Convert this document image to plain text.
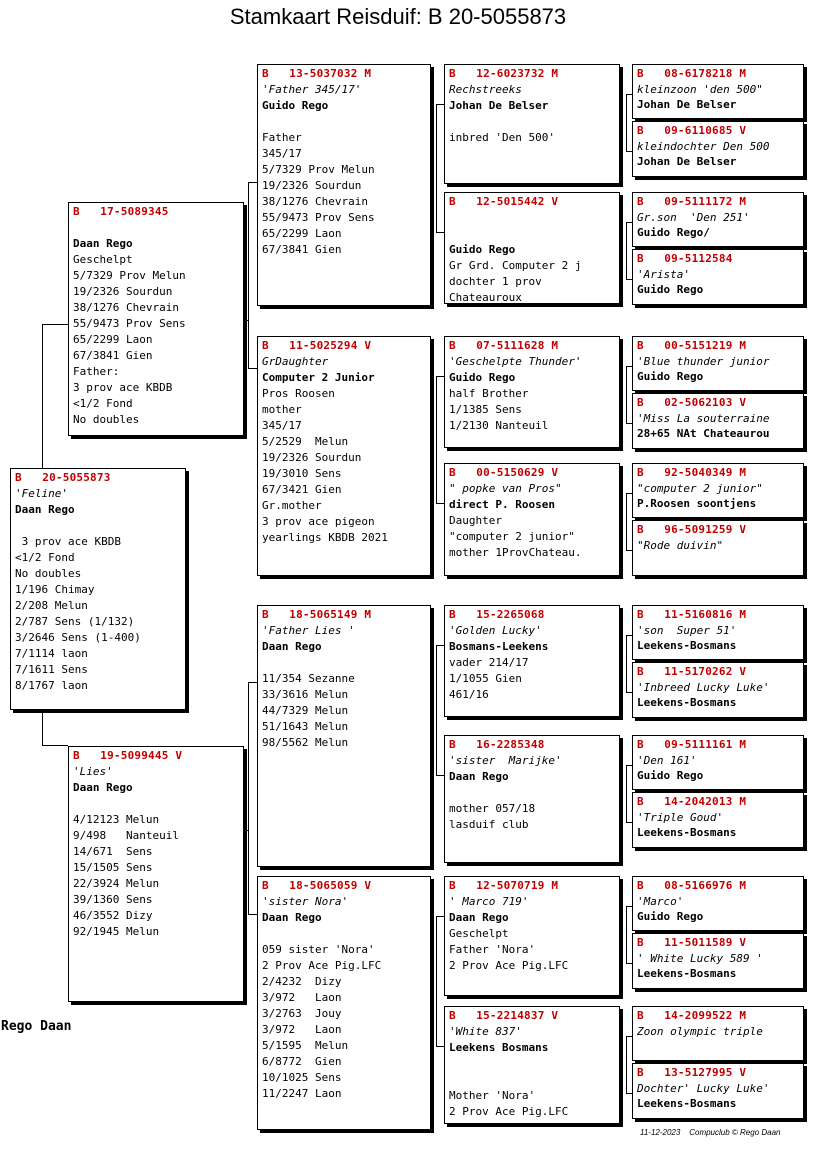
Stamkaart Reisduif: B 20-5055873
B   20-5055873
'Feline'
Daan Rego
3 prov ace KBDB
<1/2 Fond
No doubles
1/196 Chimay
2/208 Melun
2/787 Sens (1/132)
3/2646 Sens (1-400)
7/1114 laon
7/1611 Sens
8/1767 laon
B   17-5089345
Daan Rego
Geschelpt
5/7329 Prov Melun
19/2326 Sourdun
38/1276 Chevrain
55/9473 Prov Sens
65/2299 Laon
67/3841 Gien
Father:
3 prov ace KBDB
<1/2 Fond
No doubles
B   19-5099445 V
'Lies'
Daan Rego
4/12123 Melun
9/498   Nanteuil
14/671  Sens
15/1505 Sens
22/3924 Melun
39/1360 Sens
46/3552 Dizy
92/1945 Melun
B   13-5037032 M
'Father 345/17'
Guido Rego
Father
345/17
5/7329 Prov Melun
19/2326 Sourdun
38/1276 Chevrain
55/9473 Prov Sens
65/2299 Laon
67/3841 Gien
B   11-5025294 V
GrDaughter
Computer 2 Junior
Pros Roosen
mother
345/17
5/2529  Melun
19/2326 Sourdun
19/3010 Sens
67/3421 Gien
Gr.mother
3 prov ace pigeon
yearlings KBDB 2021
B   18-5065149 M
'Father Lies '
Daan Rego
11/354 Sezanne
33/3616 Melun
44/7329 Melun
51/1643 Melun
98/5562 Melun
B   18-5065059 V
'sister Nora'
Daan Rego
059 sister 'Nora'
2 Prov Ace Pig.LFC
2/4232  Dizy
3/972   Laon
3/2763  Jouy
3/972   Laon
5/1595  Melun
6/8772  Gien
10/1025 Sens
11/2247 Laon
B   12-6023732 M
Rechstreeks
Johan De Belser
inbred 'Den 500'
B   12-5015442 V
Guido Rego
Gr Grd. Computer 2 j
dochter 1 prov
Chateauroux
B   07-5111628 M
'Geschelpte Thunder'
Guido Rego
half Brother
1/1385 Sens
1/2130 Nanteuil
B   00-5150629 V
" popke van Pros"
direct P. Roosen
Daughter
"computer 2 junior"
mother 1ProvChateau.
B   15-2265068
'Golden Lucky'
Bosmans-Leekens
vader 214/17
1/1055 Gien
461/16
B   16-2285348
'sister  Marijke'
Daan Rego
mother 057/18
lasduif club
B   12-5070719 M
' Marco 719'
Daan Rego
Geschelpt
Father 'Nora'
2 Prov Ace Pig.LFC
B   15-2214837 V
'White 837'
Leekens Bosmans
Mother 'Nora'
2 Prov Ace Pig.LFC
B   08-6178218 M
kleinzoon 'den 500"
Johan De Belser
B   09-6110685 V
kleindochter Den 500
Johan De Belser
B   09-5111172 M
Gr.son  'Den 251'
Guido Rego/
B   09-5112584
'Arista'
Guido Rego
B   00-5151219 M
'Blue thunder junior
Guido Rego
B   02-5062103 V
'Miss La souterraine
28+65 NAt Chateaurou
B   92-5040349 M
"computer 2 junior"
P.Roosen soontjens
B   96-5091259 V
"Rode duivin"
B   11-5160816 M
'son  Super 51'
Leekens-Bosmans
B   11-5170262 V
'Inbreed Lucky Luke'
Leekens-Bosmans
B   09-5111161 M
'Den 161'
Guido Rego
B   14-2042013 M
'Triple Goud'
Leekens-Bosmans
B   08-5166976 M
'Marco'
Guido Rego
B   11-5011589 V
' White Lucky 589 '
Leekens-Bosmans
B   14-2099522 M
Zoon olympic triple
B   13-5127995 V
Dochter' Lucky Luke'
Leekens-Bosmans
Rego Daan
11-12-2023    Compuclub © Rego Daan
